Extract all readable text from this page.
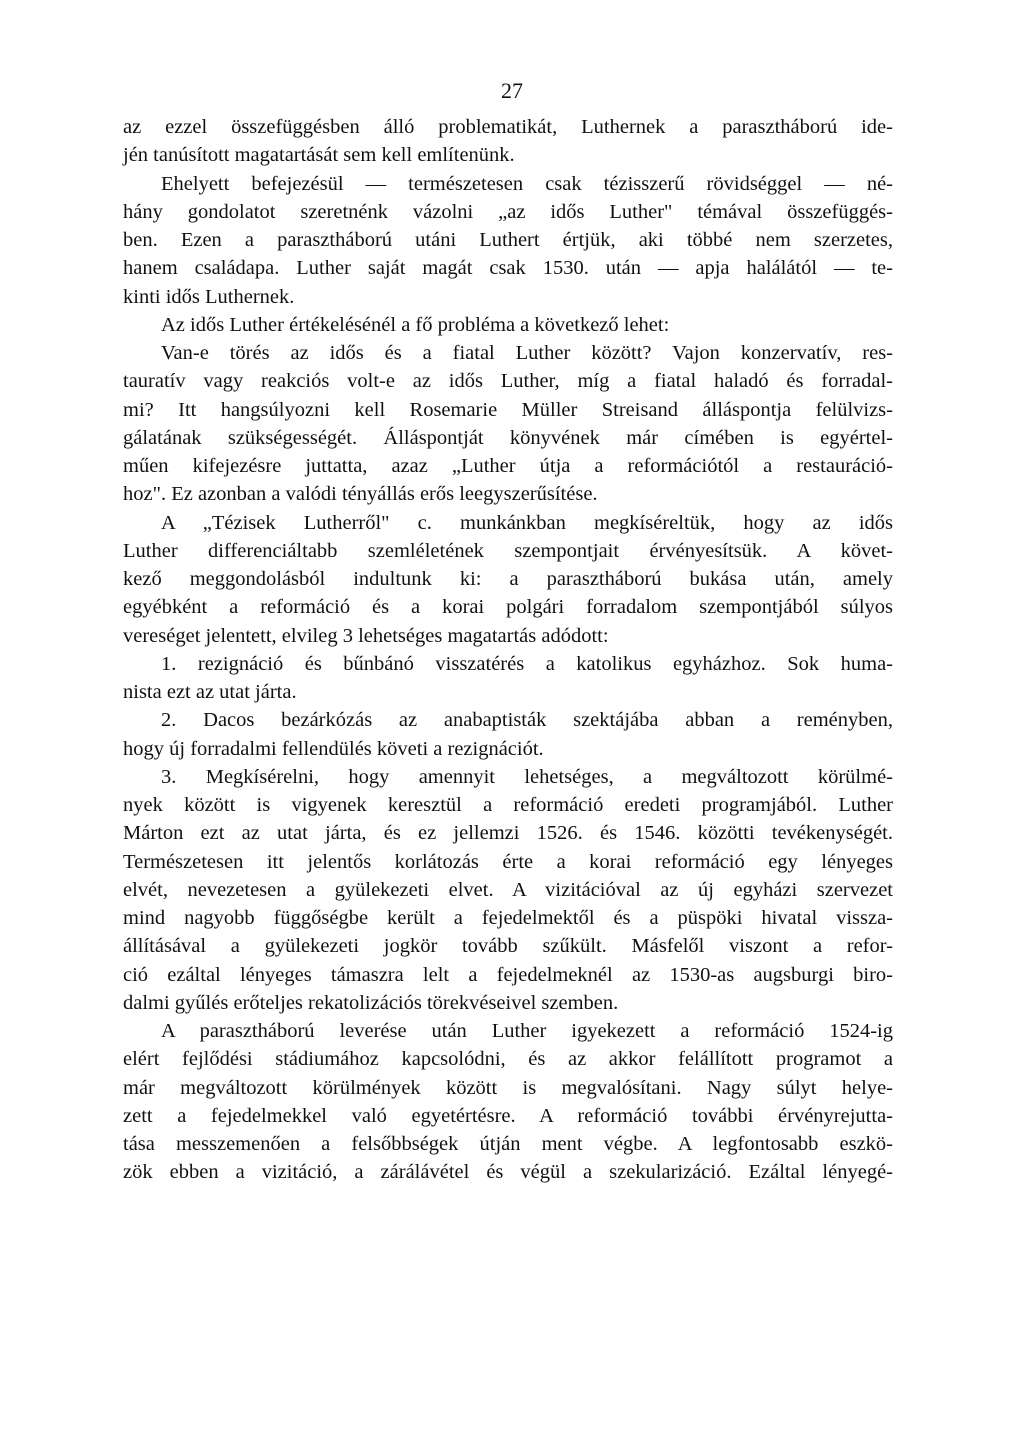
27
az ezzel összefüggésben álló problematikát, Luthernek a parasztháború ide-
jén tanúsított magatartását sem kell említenünk.
Ehelyett befejezésül — természetesen csak tézisszerű rövidséggel — né-
hány gondolatot szeretnénk vázolni „az idős Luther" témával összefüggés-
ben. Ezen a parasztháború utáni Luthert értjük, aki többé nem szerzetes,
hanem családapa. Luther saját magát csak 1530. után — apja halálától — te-
kinti idős Luthernek.
Az idős Luther értékelésénél a fő probléma a következő lehet:
Van-e törés az idős és a fiatal Luther között? Vajon konzervatív, res-
tauratív vagy reakciós volt-e az idős Luther, míg a fiatal haladó és forradal-
mi? Itt hangsúlyozni kell Rosemarie Müller Streisand álláspontja felülvizs-
gálatának szükségességét. Álláspontját könyvének már címében is egyértel-
műen kifejezésre juttatta, azaz „Luther útja a reformációtól a restauráció-
hoz". Ez azonban a valódi tényállás erős leegyszerűsítése.
A „Tézisek Lutherről" c. munkánkban megkíséreltük, hogy az idős
Luther differenciáltabb szemléletének szempontjait érvényesítsük. A követ-
kező meggondolásból indultunk ki: a parasztháború bukása után, amely
egyébként a reformáció és a korai polgári forradalom szempontjából súlyos
vereséget jelentett, elvileg 3 lehetséges magatartás adódott:
1. rezignáció és bűnbánó visszatérés a katolikus egyházhoz. Sok huma-
nista ezt az utat járta.
2. Dacos bezárkózás az anabaptisták szektájába abban a reményben,
hogy új forradalmi fellendülés követi a rezignációt.
3. Megkísérelni, hogy amennyit lehetséges, a megváltozott körülmé-
nyek között is vigyenek keresztül a reformáció eredeti programjából. Luther
Márton ezt az utat járta, és ez jellemzi 1526. és 1546. közötti tevékenységét.
Természetesen itt jelentős korlátozás érte a korai reformáció egy lényeges
elvét, nevezetesen a gyülekezeti elvet. A vizitációval az új egyházi szervezet
mind nagyobb függőségbe került a fejedelmektől és a püspöki hivatal vissza-
állításával a gyülekezeti jogkör tovább szűkült. Másfelől viszont a refor-
ció ezáltal lényeges támaszra lelt a fejedelmeknél az 1530-as augsburgi biro-
dalmi gyűlés erőteljes rekatolizációs törekvéseivel szemben.
A parasztháború leverése után Luther igyekezett a reformáció 1524-ig
elért fejlődési stádiumához kapcsolódni, és az akkor felállított programot a
már megváltozott körülmények között is megvalósítani. Nagy súlyt helye-
zett a fejedelmekkel való egyetértésre. A reformáció további érvényrejutta-
tása messzemenően a felsőbbségek útján ment végbe. A legfontosabb eszkö-
zök ebben a vizitáció, a zárálávétel és végül a szekularizáció. Ezáltal lényegé-
